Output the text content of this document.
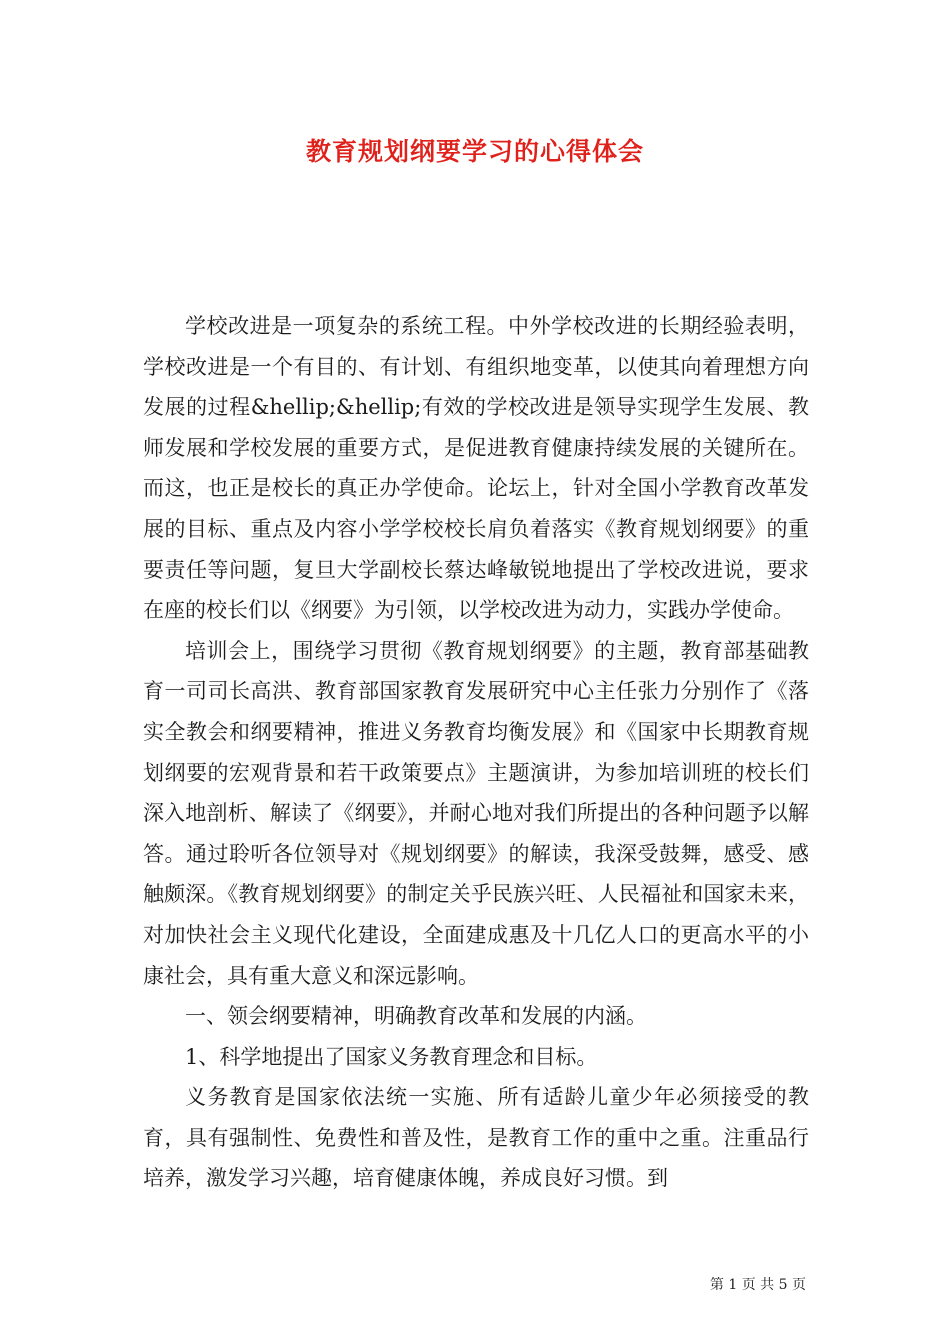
教育规划纲要学习的心得体会

学校改进是一项复杂的系统工程。中外学校改进的长期经验表明，学校改进是一个有目的、有计划、有组织地变革，以使其向着理想方向发展的过程&hellip;&hellip;有效的学校改进是领导实现学生发展、教师发展和学校发展的重要方式，是促进教育健康持续发展的关键所在。而这，也正是校长的真正办学使命。论坛上，针对全国小学教育改革发展的目标、重点及内容小学学校校长肩负着落实《教育规划纲要》的重要责任等问题，复旦大学副校长蔡达峰敏锐地提出了学校改进说，要求在座的校长们以《纲要》为引领，以学校改进为动力，实践办学使命。

培训会上，围绕学习贯彻《教育规划纲要》的主题，教育部基础教育一司司长高洪、教育部国家教育发展研究中心主任张力分别作了《落实全教会和纲要精神，推进义务教育均衡发展》和《国家中长期教育规划纲要的宏观背景和若干政策要点》主题演讲，为参加培训班的校长们深入地剖析、解读了《纲要》，并耐心地对我们所提出的各种问题予以解答。通过聆听各位领导对《规划纲要》的解读，我深受鼓舞，感受、感触颇深。《教育规划纲要》的制定关乎民族兴旺、人民福祉和国家未来，对加快社会主义现代化建设，全面建成惠及十几亿人口的更高水平的小康社会，具有重大意义和深远影响。

一、领会纲要精神，明确教育改革和发展的内涵。

1、科学地提出了国家义务教育理念和目标。

义务教育是国家依法统一实施、所有适龄儿童少年必须接受的教育，具有强制性、免费性和普及性，是教育工作的重中之重。注重品行培养，激发学习兴趣，培育健康体魄，养成良好习惯。到

第 1 页 共 5 页
